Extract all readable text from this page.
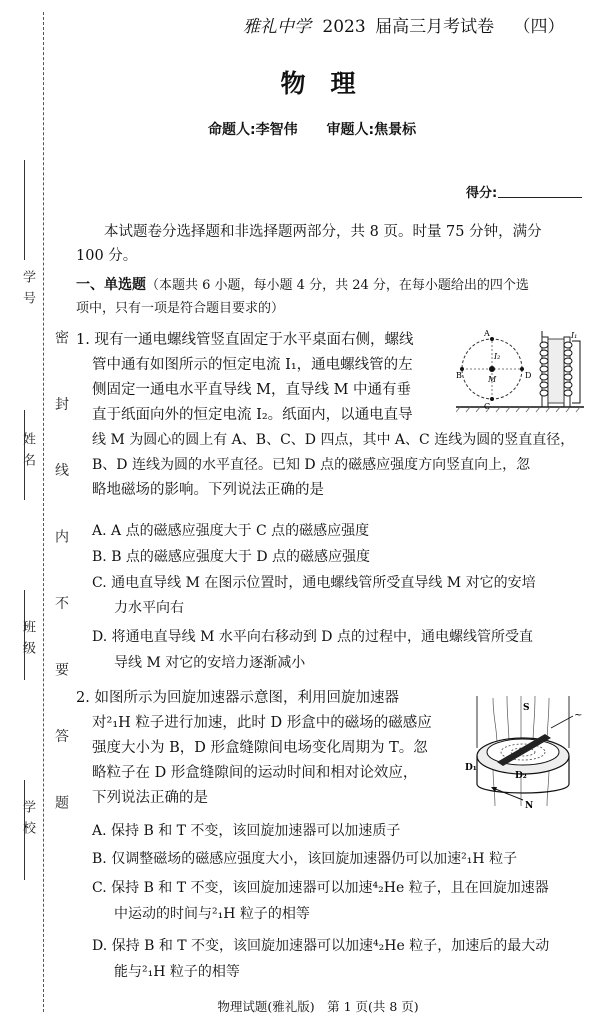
学 号
姓 名
班 级
学 校 密 封 线 内 不 要 答 题
雅礼中学 2023 届高三月考试卷 （四）
物　理
命题人:李智伟 审题人:焦景标
得分:
本试题卷分选择题和非选择题两部分，共 8 页。时量 75 分钟，满分
100 分。
一、单选题（本题共 6 小题，每小题 4 分，共 24 分，在每小题给出的四个选
项中，只有一项是符合题目要求的）
1. 现有一通电螺线管竖直固定于水平桌面右侧，螺线
管中通有如图所示的恒定电流 I₁，通电螺线管的左
侧固定一通电水平直导线 M，直导线 M 中通有垂
直于纸面向外的恒定电流 I₂。纸面内，以通电直导
线 M 为圆心的圆上有 A、B、C、D 四点，其中 A、C 连线为圆的竖直直径，
B、D 连线为圆的水平直径。已知 D 点的磁感应强度方向竖直向上，忽
略地磁场的影响。下列说法正确的是
A
B
C
D
M
I₂
I₁
A. A 点的磁感应强度大于 C 点的磁感应强度
B. B 点的磁感应强度大于 D 点的磁感应强度
C. 通电直导线 M 在图示位置时，通电螺线管所受直导线 M 对它的安培
力水平向右
D. 将通电直导线 M 水平向右移动到 D 点的过程中，通电螺线管所受直
导线 M 对它的安培力逐渐减小
2. 如图所示为回旋加速器示意图，利用回旋加速器
对²₁H 粒子进行加速，此时 D 形盒中的磁场的磁感应
强度大小为 B，D 形盒缝隙间电场变化周期为 T。忽
略粒子在 D 形盒缝隙间的运动时间和相对论效应，
下列说法正确的是
S
N
D₁
D₂
~
A. 保持 B 和 T 不变，该回旋加速器可以加速质子
B. 仅调整磁场的磁感应强度大小，该回旋加速器仍可以加速²₁H 粒子
C. 保持 B 和 T 不变，该回旋加速器可以加速⁴₂He 粒子，且在回旋加速器
中运动的时间与²₁H 粒子的相等
D. 保持 B 和 T 不变，该回旋加速器可以加速⁴₂He 粒子，加速后的最大动
能与²₁H 粒子的相等
物理试题(雅礼版)　第 1 页(共 8 页)
